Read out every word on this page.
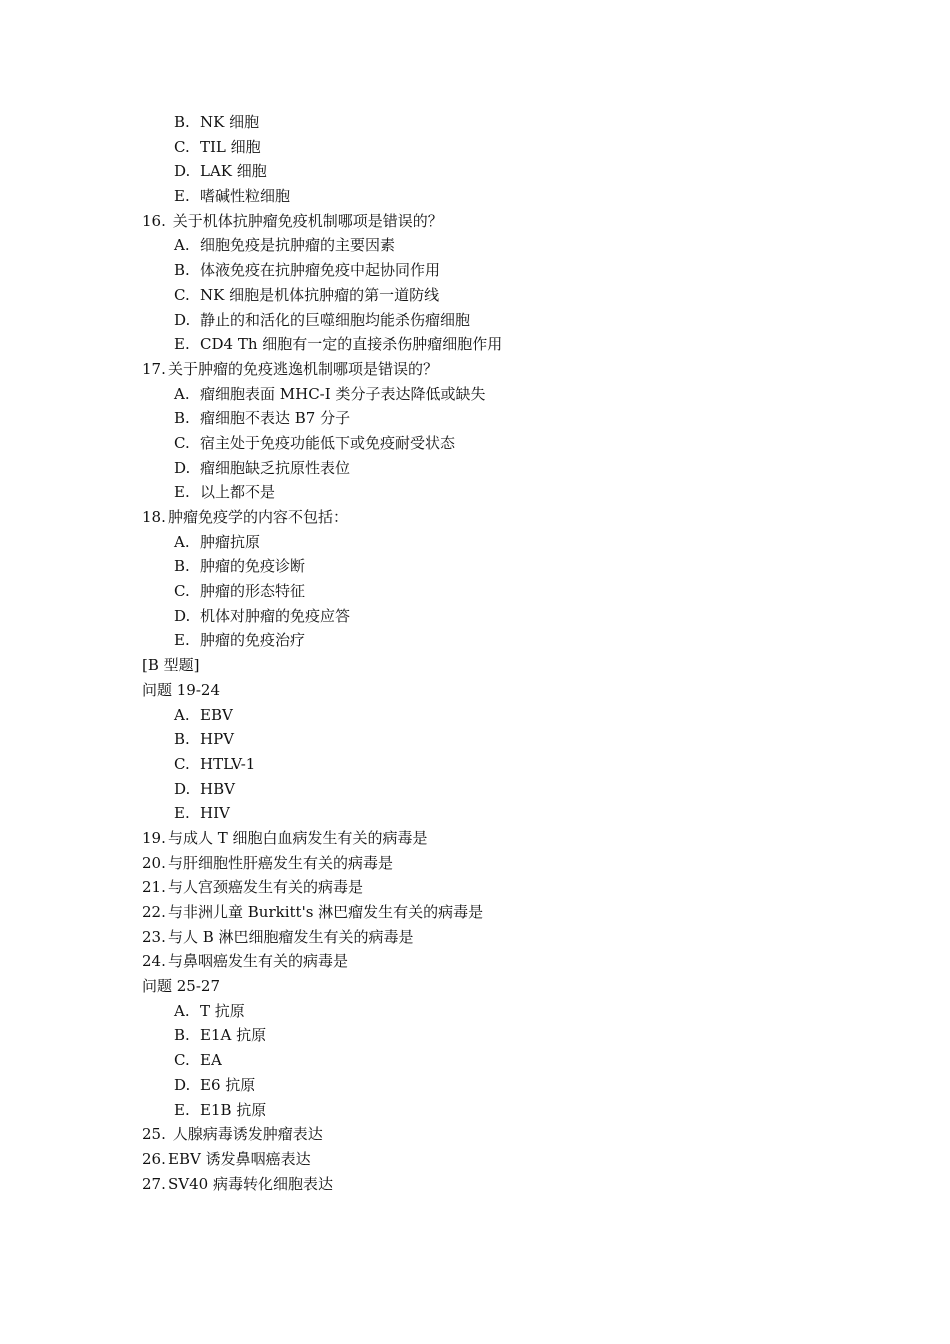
B. NK 细胞
C. TIL 细胞
D. LAK 细胞
E. 嗜碱性粒细胞
16. 关于机体抗肿瘤免疫机制哪项是错误的？
A. 细胞免疫是抗肿瘤的主要因素
B. 体液免疫在抗肿瘤免疫中起协同作用
C. NK 细胞是机体抗肿瘤的第一道防线
D. 静止的和活化的巨噬细胞均能杀伤瘤细胞
E. CD4 Th 细胞有一定的直接杀伤肿瘤细胞作用
17. 关于肿瘤的免疫逃逸机制哪项是错误的？
A. 瘤细胞表面 MHC-I 类分子表达降低或缺失
B. 瘤细胞不表达 B7 分子
C. 宿主处于免疫功能低下或免疫耐受状态
D. 瘤细胞缺乏抗原性表位
E. 以上都不是
18. 肿瘤免疫学的内容不包括：
A. 肿瘤抗原
B. 肿瘤的免疫诊断
C. 肿瘤的形态特征
D. 机体对肿瘤的免疫应答
E. 肿瘤的免疫治疗
[B 型题]
问题 19-24
A. EBV
B. HPV
C. HTLV-1
D. HBV
E. HIV
19. 与成人 T 细胞白血病发生有关的病毒是
20. 与肝细胞性肝癌发生有关的病毒是
21. 与人宫颈癌发生有关的病毒是
22. 与非洲儿童 Burkitt's 淋巴瘤发生有关的病毒是
23. 与人 B 淋巴细胞瘤发生有关的病毒是
24. 与鼻咽癌发生有关的病毒是
问题 25-27
A. T 抗原
B. E1A 抗原
C. EA
D. E6 抗原
E. E1B 抗原
25. 人腺病毒诱发肿瘤表达
26. EBV 诱发鼻咽癌表达
27. SV40 病毒转化细胞表达
